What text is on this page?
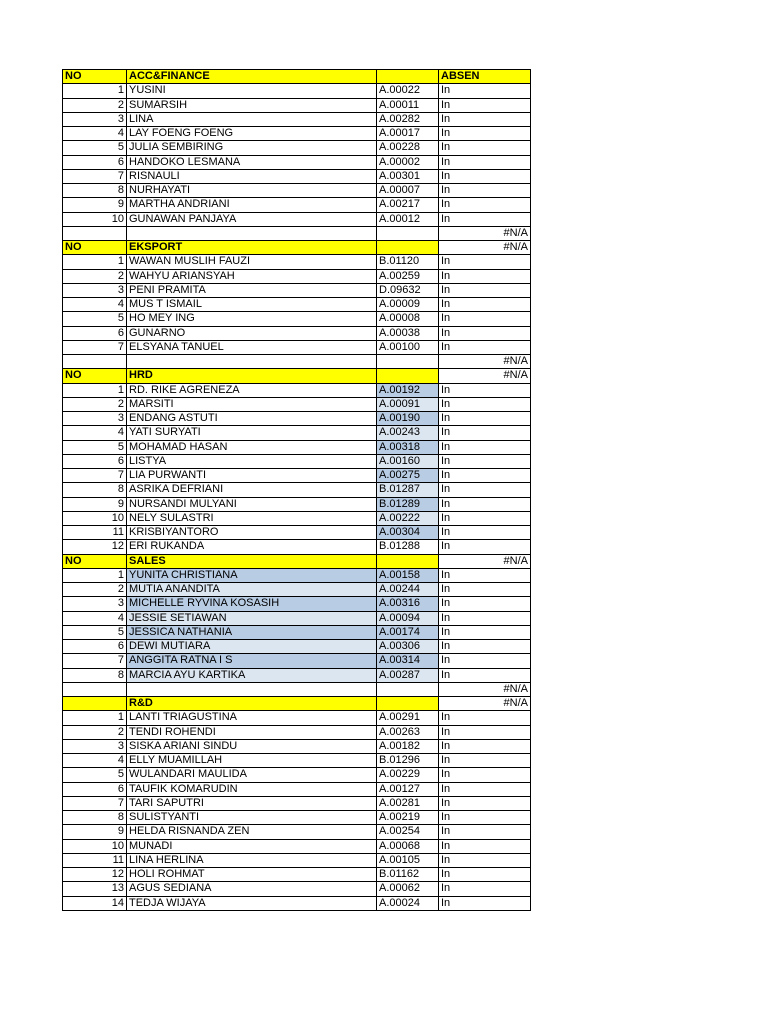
NO	ACC&FINANCE		ABSEN
1	YUSINI	A.00022	In
2	SUMARSIH	A.00011	In
3	LINA	A.00282	In
4	LAY FOENG FOENG	A.00017	In
5	JULIA SEMBIRING	A.00228	In
6	HANDOKO LESMANA	A.00002	In
7	RISNAULI	A.00301	In
8	NURHAYATI	A.00007	In
9	MARTHA ANDRIANI	A.00217	In
10	GUNAWAN PANJAYA	A.00012	In
			#N/A
NO	EKSPORT		#N/A
1	WAWAN MUSLIH FAUZI	B.01120	In
2	WAHYU ARIANSYAH	A.00259	In
3	PENI PRAMITA	D.09632	In
4	MUS T ISMAIL	A.00009	In
5	HO MEY ING	A.00008	In
6	GUNARNO	A.00038	In
7	ELSYANA TANUEL	A.00100	In
			#N/A
NO	HRD		#N/A
1	RD. RIKE AGRENEZA	A.00192	In
2	MARSITI	A.00091	In
3	ENDANG ASTUTI	A.00190	In
4	YATI SURYATI	A.00243	In
5	MOHAMAD HASAN	A.00318	In
6	LISTYA	A.00160	In
7	LIA PURWANTI	A.00275	In
8	ASRIKA DEFRIANI	B.01287	In
9	NURSANDI MULYANI	B.01289	In
10	NELY SULASTRI	A.00222	In
11	KRISBIYANTORO	A.00304	In
12	ERI RUKANDA	B.01288	In
NO	SALES		#N/A
1	YUNITA CHRISTIANA	A.00158	In
2	MUTIA ANANDITA	A.00244	In
3	MICHELLE RYVINA KOSASIH	A.00316	In
4	JESSIE SETIAWAN	A.00094	In
5	JESSICA NATHANIA	A.00174	In
6	DEWI MUTIARA	A.00306	In
7	ANGGITA RATNA I S	A.00314	In
8	MARCIA AYU KARTIKA	A.00287	In
			#N/A
	R&D		#N/A
1	LANTI TRIAGUSTINA	A.00291	In
2	TENDI ROHENDI	A.00263	In
3	SISKA ARIANI SINDU	A.00182	In
4	ELLY MUAMILLAH	B.01296	In
5	WULANDARI MAULIDA	A.00229	In
6	TAUFIK KOMARUDIN	A.00127	In
7	TARI SAPUTRI	A.00281	In
8	SULISTYANTI	A.00219	In
9	HELDA RISNANDA ZEN	A.00254	In
10	MUNADI	A.00068	In
11	LINA HERLINA	A.00105	In
12	HOLI ROHMAT	B.01162	In
13	AGUS SEDIANA	A.00062	In
14	TEDJA WIJAYA	A.00024	In
